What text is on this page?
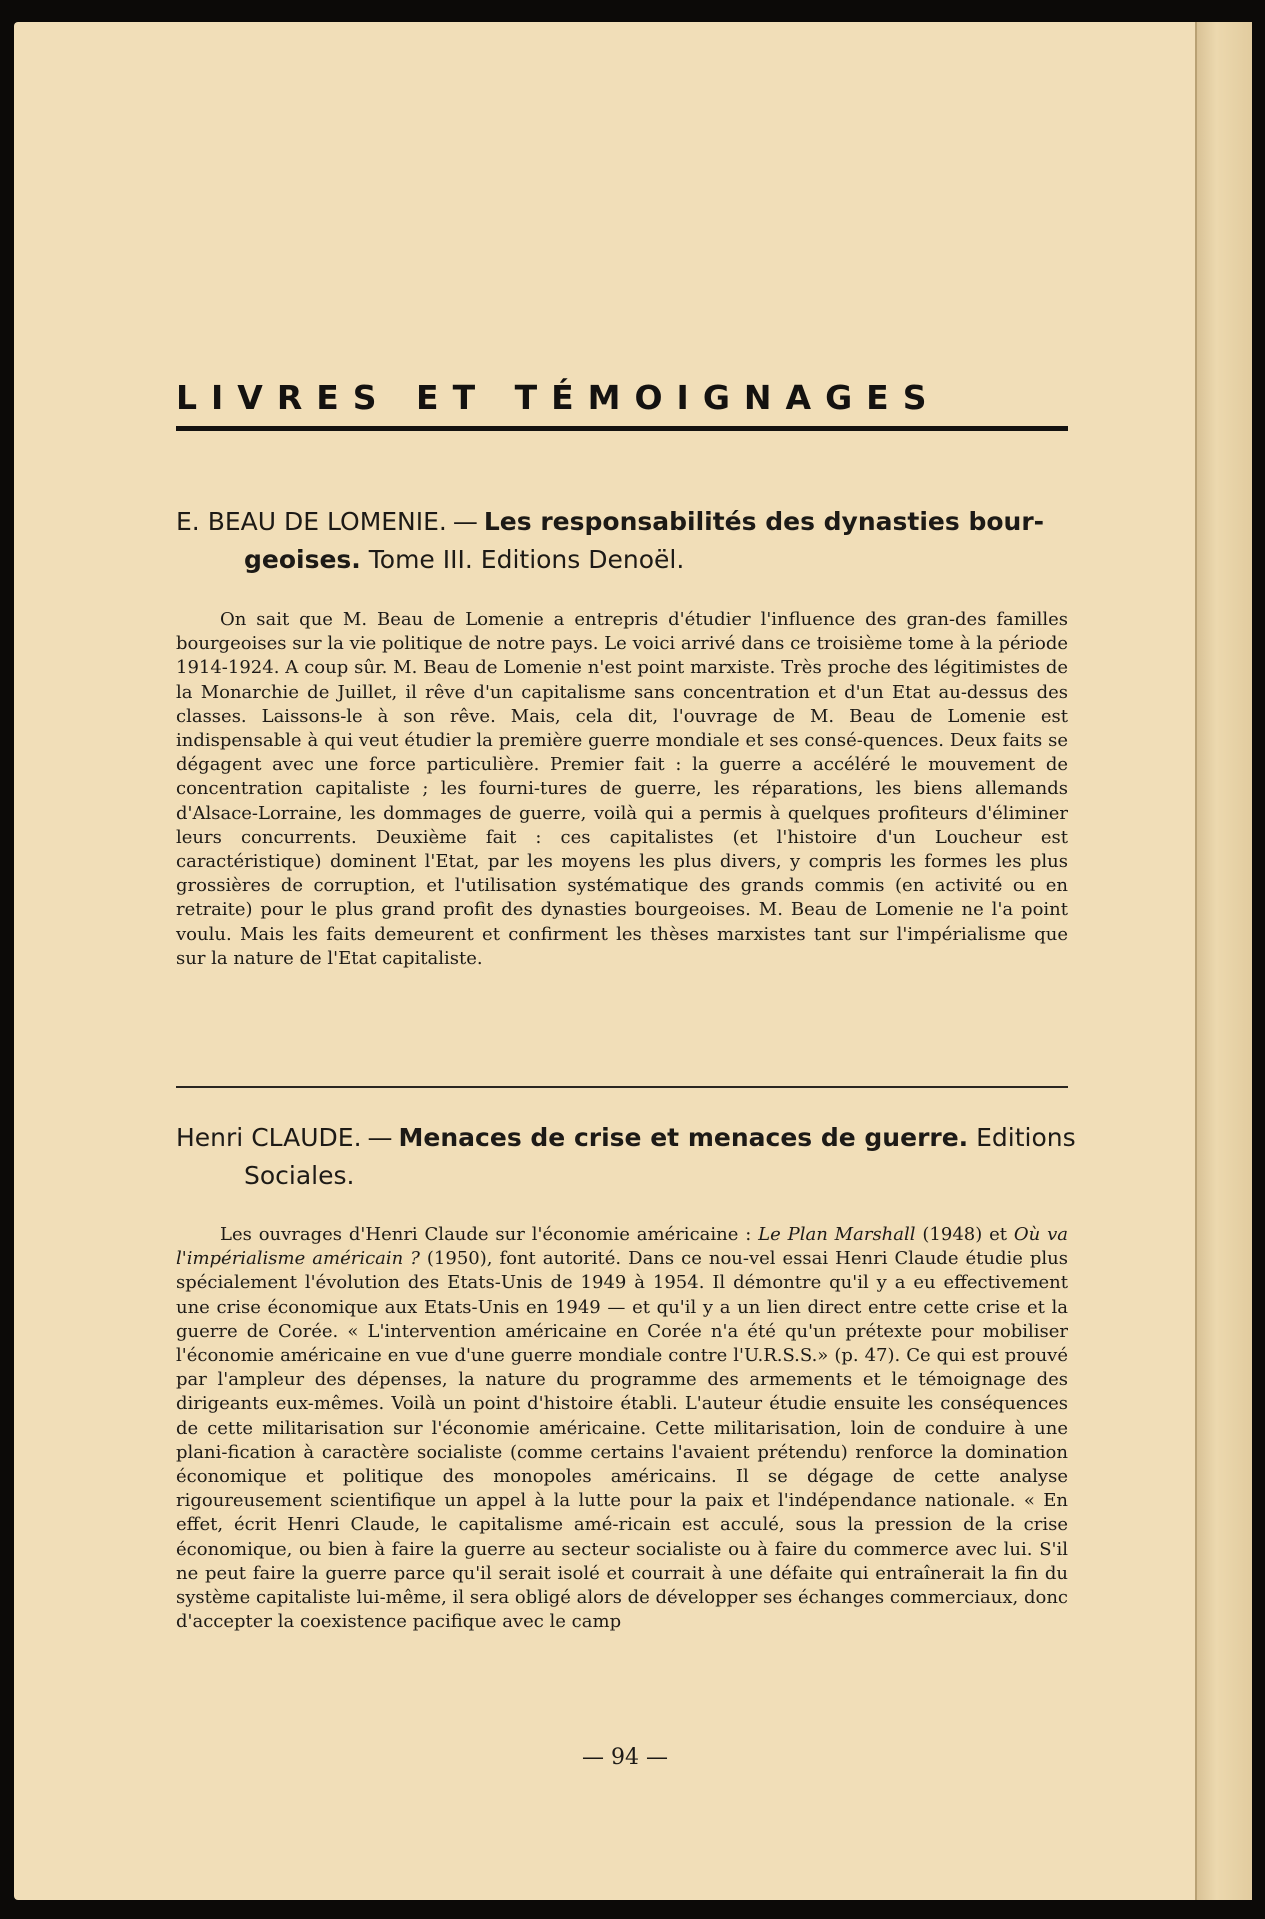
LIVRES ET TÉMOIGNAGES
E. BEAU DE LOMENIE. — Les responsabilités des dynasties bour-
geoises. Tome III. Editions Denoël.

On sait que M. Beau de Lomenie a entrepris d'étudier l'influence des gran-des familles bourgeoises sur la vie politique de notre pays. Le voici arrivé dans ce troisième tome à la période 1914-1924. A coup sûr. M. Beau de Lomenie n'est point marxiste. Très proche des légitimistes de la Monarchie de Juillet, il rêve d'un capitalisme sans concentration et d'un Etat au-dessus des classes. Laissons-le à son rêve. Mais, cela dit, l'ouvrage de M. Beau de Lomenie est indispensable à qui veut étudier la première guerre mondiale et ses consé-quences. Deux faits se dégagent avec une force particulière. Premier fait : la guerre a accéléré le mouvement de concentration capitaliste ; les fourni-tures de guerre, les réparations, les biens allemands d'Alsace-Lorraine, les dommages de guerre, voilà qui a permis à quelques profiteurs d'éliminer leurs concurrents. Deuxième fait : ces capitalistes (et l'histoire d'un Loucheur est caractéristique) dominent l'Etat, par les moyens les plus divers, y compris les formes les plus grossières de corruption, et l'utilisation systématique des grands commis (en activité ou en retraite) pour le plus grand profit des dynasties bourgeoises. M. Beau de Lomenie ne l'a point voulu. Mais les faits demeurent et confirment les thèses marxistes tant sur l'impérialisme que sur la nature de l'Etat capitaliste.

Henri CLAUDE. — Menaces de crise et menaces de guerre. Editions
Sociales.

Les ouvrages d'Henri Claude sur l'économie américaine : Le Plan Marshall (1948) et Où va l'impérialisme américain ? (1950), font autorité. Dans ce nou-vel essai Henri Claude étudie plus spécialement l'évolution des Etats-Unis de 1949 à 1954. Il démontre qu'il y a eu effectivement une crise économique aux Etats-Unis en 1949 — et qu'il y a un lien direct entre cette crise et la guerre de Corée. « L'intervention américaine en Corée n'a été qu'un prétexte pour mobiliser l'économie américaine en vue d'une guerre mondiale contre l'U.R.S.S.» (p. 47). Ce qui est prouvé par l'ampleur des dépenses, la nature du programme des armements et le témoignage des dirigeants eux-mêmes. Voilà un point d'histoire établi. L'auteur étudie ensuite les conséquences de cette militarisation sur l'économie américaine. Cette militarisation, loin de conduire à une plani-fication à caractère socialiste (comme certains l'avaient prétendu) renforce la domination économique et politique des monopoles américains. Il se dégage de cette analyse rigoureusement scientifique un appel à la lutte pour la paix et l'indépendance nationale. « En effet, écrit Henri Claude, le capitalisme amé-ricain est acculé, sous la pression de la crise économique, ou bien à faire la guerre au secteur socialiste ou à faire du commerce avec lui. S'il ne peut faire la guerre parce qu'il serait isolé et courrait à une défaite qui entraînerait la fin du système capitaliste lui-même, il sera obligé alors de développer ses échanges commerciaux, donc d'accepter la coexistence pacifique avec le camp

— 94 —
